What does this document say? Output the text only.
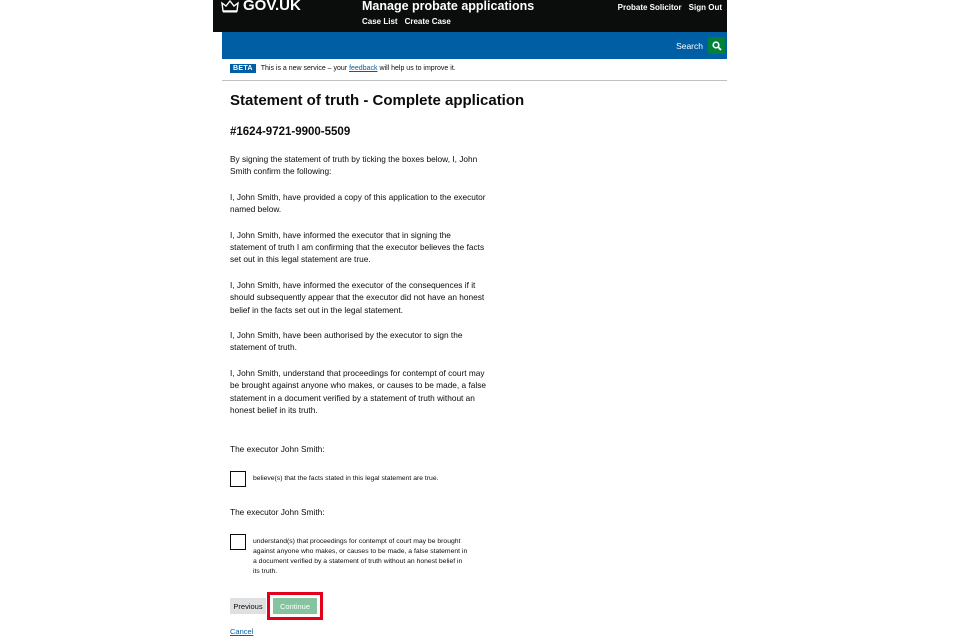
GOV.UK	Manage probate applications
Case List Create Case
Probate Solicitor Sign Out
Search
BETA	This is a new service – your feedback will help us to improve it.
Statement of truth - Complete application
#1624-9721-9900-5509

By signing the statement of truth by ticking the boxes below, I, John Smith confirm the following:

I, John Smith, have provided a copy of this application to the executor named below.

I, John Smith, have informed the executor that in signing the statement of truth I am confirming that the executor believes the facts set out in this legal statement are true.

I, John Smith, have informed the executor of the consequences if it should subsequently appear that the executor did not have an honest belief in the facts set out in the legal statement.

I, John Smith, have been authorised by the executor to sign the statement of truth.

I, John Smith, understand that proceedings for contempt of court may be brought against anyone who makes, or causes to be made, a false statement in a document verified by a statement of truth without an honest belief in its truth.

The executor John Smith:
believe(s) that the facts stated in this legal statement are true.
The executor John Smith:
understand(s) that proceedings for contempt of court may be brought against anyone who makes, or causes to be made, a false statement in a document verified by a statement of truth without an honest belief in its truth.
Previous	Continue
Cancel
